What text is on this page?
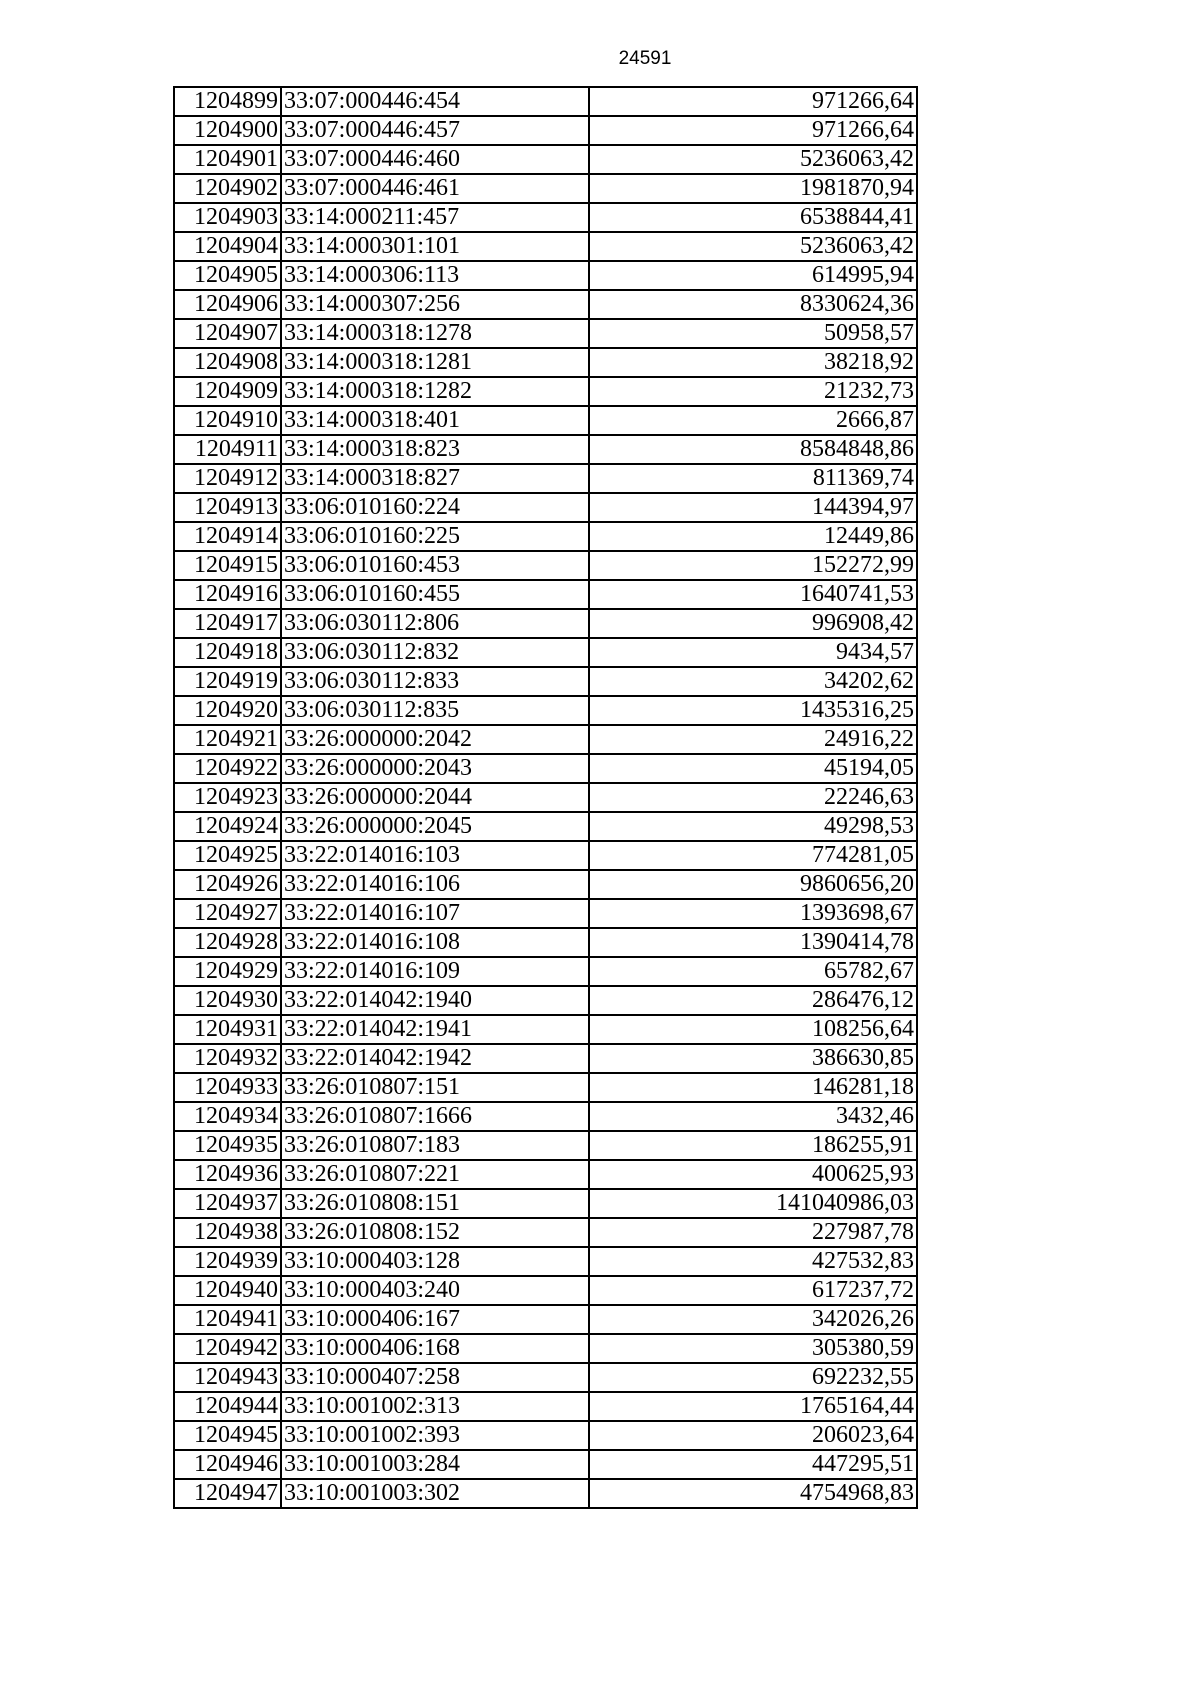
24591
1204899	33:07:000446:454	971266,64
1204900	33:07:000446:457	971266,64
1204901	33:07:000446:460	5236063,42
1204902	33:07:000446:461	1981870,94
1204903	33:14:000211:457	6538844,41
1204904	33:14:000301:101	5236063,42
1204905	33:14:000306:113	614995,94
1204906	33:14:000307:256	8330624,36
1204907	33:14:000318:1278	50958,57
1204908	33:14:000318:1281	38218,92
1204909	33:14:000318:1282	21232,73
1204910	33:14:000318:401	2666,87
1204911	33:14:000318:823	8584848,86
1204912	33:14:000318:827	811369,74
1204913	33:06:010160:224	144394,97
1204914	33:06:010160:225	12449,86
1204915	33:06:010160:453	152272,99
1204916	33:06:010160:455	1640741,53
1204917	33:06:030112:806	996908,42
1204918	33:06:030112:832	9434,57
1204919	33:06:030112:833	34202,62
1204920	33:06:030112:835	1435316,25
1204921	33:26:000000:2042	24916,22
1204922	33:26:000000:2043	45194,05
1204923	33:26:000000:2044	22246,63
1204924	33:26:000000:2045	49298,53
1204925	33:22:014016:103	774281,05
1204926	33:22:014016:106	9860656,20
1204927	33:22:014016:107	1393698,67
1204928	33:22:014016:108	1390414,78
1204929	33:22:014016:109	65782,67
1204930	33:22:014042:1940	286476,12
1204931	33:22:014042:1941	108256,64
1204932	33:22:014042:1942	386630,85
1204933	33:26:010807:151	146281,18
1204934	33:26:010807:1666	3432,46
1204935	33:26:010807:183	186255,91
1204936	33:26:010807:221	400625,93
1204937	33:26:010808:151	141040986,03
1204938	33:26:010808:152	227987,78
1204939	33:10:000403:128	427532,83
1204940	33:10:000403:240	617237,72
1204941	33:10:000406:167	342026,26
1204942	33:10:000406:168	305380,59
1204943	33:10:000407:258	692232,55
1204944	33:10:001002:313	1765164,44
1204945	33:10:001002:393	206023,64
1204946	33:10:001003:284	447295,51
1204947	33:10:001003:302	4754968,83
